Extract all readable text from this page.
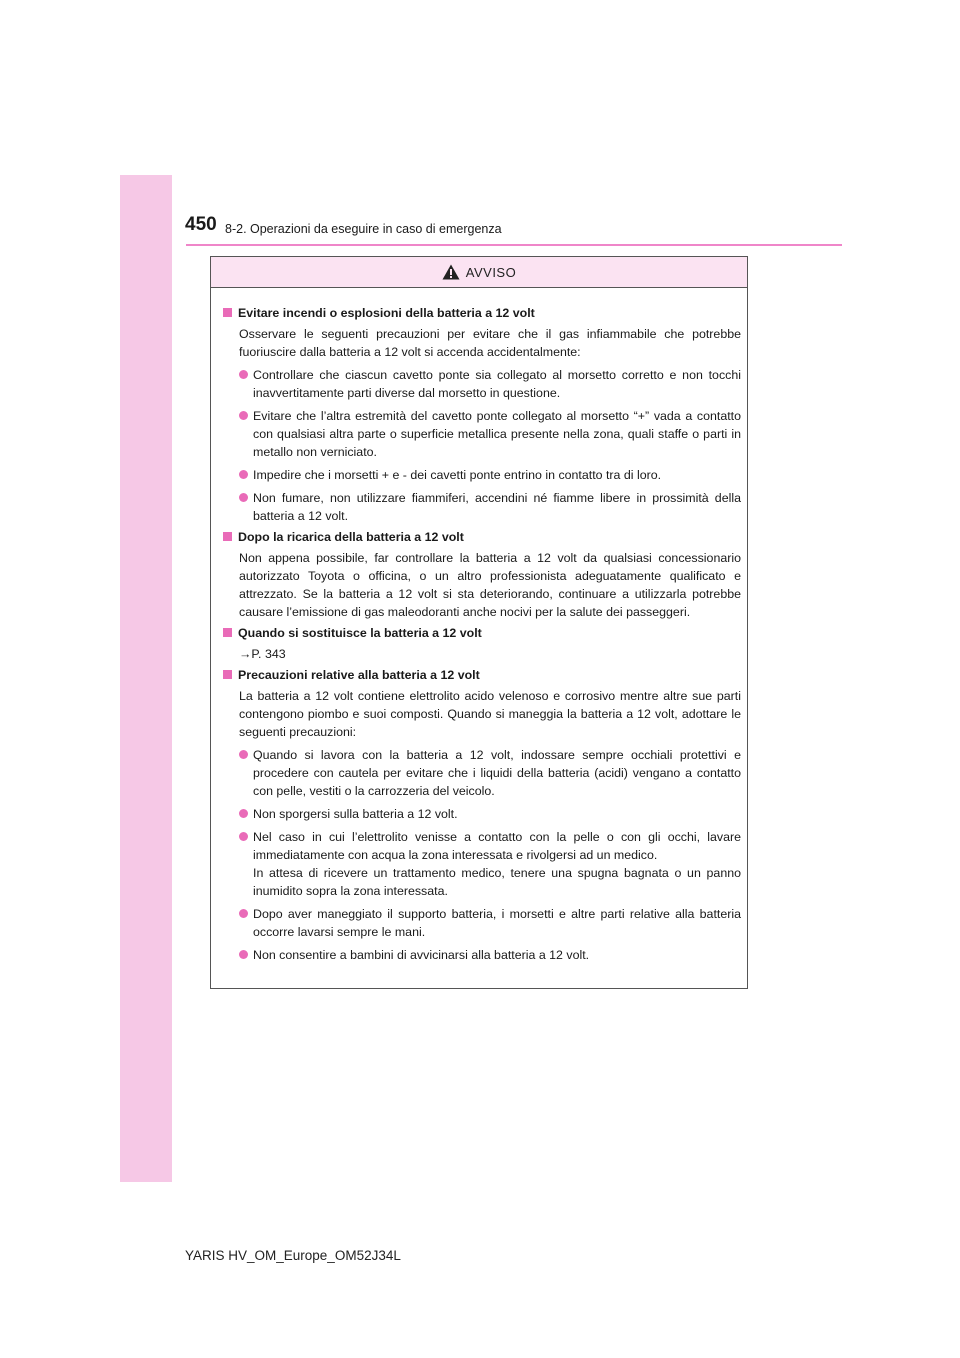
450 8-2. Operazioni da eseguire in caso di emergenza
AVVISO
Evitare incendi o esplosioni della batteria a 12 volt
Osservare le seguenti precauzioni per evitare che il gas infiammabile che potrebbe fuoriuscire dalla batteria a 12 volt si accenda accidentalmente:
Controllare che ciascun cavetto ponte sia collegato al morsetto corretto e non tocchi inavvertitamente parti diverse dal morsetto in questione.
Evitare che l’altra estremità del cavetto ponte collegato al morsetto “+” vada a contatto con qualsiasi altra parte o superficie metallica presente nella zona, quali staffe o parti in metallo non verniciato.
Impedire che i morsetti + e - dei cavetti ponte entrino in contatto tra di loro.
Non fumare, non utilizzare fiammiferi, accendini né fiamme libere in prossimità della batteria a 12 volt.
Dopo la ricarica della batteria a 12 volt
Non appena possibile, far controllare la batteria a 12 volt da qualsiasi concessionario autorizzato Toyota o officina, o un altro professionista adeguatamente qualificato e attrezzato. Se la batteria a 12 volt si sta deteriorando, continuare a utilizzarla potrebbe causare l’emissione di gas maleodoranti anche nocivi per la salute dei passeggeri.
Quando si sostituisce la batteria a 12 volt
→P. 343
Precauzioni relative alla batteria a 12 volt
La batteria a 12 volt contiene elettrolito acido velenoso e corrosivo mentre altre sue parti contengono piombo e suoi composti. Quando si maneggia la batteria a 12 volt, adottare le seguenti precauzioni:
Quando si lavora con la batteria a 12 volt, indossare sempre occhiali protettivi e procedere con cautela per evitare che i liquidi della batteria (acidi) vengano a contatto con pelle, vestiti o la carrozzeria del veicolo.
Non sporgersi sulla batteria a 12 volt.
Nel caso in cui l’elettrolito venisse a contatto con la pelle o con gli occhi, lavare immediatamente con acqua la zona interessata e rivolgersi ad un medico.
In attesa di ricevere un trattamento medico, tenere una spugna bagnata o un panno inumidito sopra la zona interessata.
Dopo aver maneggiato il supporto batteria, i morsetti e altre parti relative alla batteria occorre lavarsi sempre le mani.
Non consentire a bambini di avvicinarsi alla batteria a 12 volt.
YARIS HV_OM_Europe_OM52J34L
